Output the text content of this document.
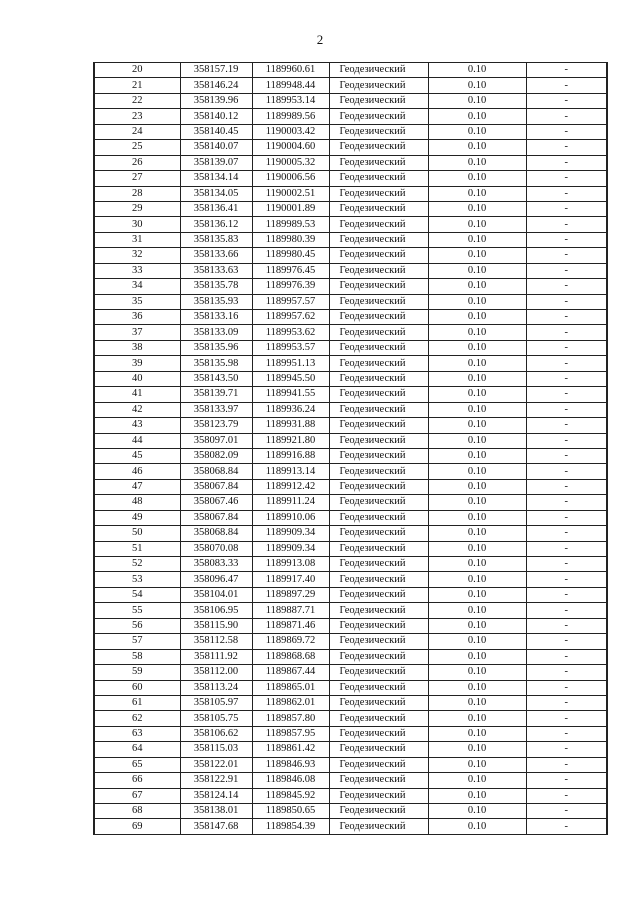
2
20	358157.19	1189960.61	Геодезический	0.10	-
21	358146.24	1189948.44	Геодезический	0.10	-
22	358139.96	1189953.14	Геодезический	0.10	-
23	358140.12	1189989.56	Геодезический	0.10	-
24	358140.45	1190003.42	Геодезический	0.10	-
25	358140.07	1190004.60	Геодезический	0.10	-
26	358139.07	1190005.32	Геодезический	0.10	-
27	358134.14	1190006.56	Геодезический	0.10	-
28	358134.05	1190002.51	Геодезический	0.10	-
29	358136.41	1190001.89	Геодезический	0.10	-
30	358136.12	1189989.53	Геодезический	0.10	-
31	358135.83	1189980.39	Геодезический	0.10	-
32	358133.66	1189980.45	Геодезический	0.10	-
33	358133.63	1189976.45	Геодезический	0.10	-
34	358135.78	1189976.39	Геодезический	0.10	-
35	358135.93	1189957.57	Геодезический	0.10	-
36	358133.16	1189957.62	Геодезический	0.10	-
37	358133.09	1189953.62	Геодезический	0.10	-
38	358135.96	1189953.57	Геодезический	0.10	-
39	358135.98	1189951.13	Геодезический	0.10	-
40	358143.50	1189945.50	Геодезический	0.10	-
41	358139.71	1189941.55	Геодезический	0.10	-
42	358133.97	1189936.24	Геодезический	0.10	-
43	358123.79	1189931.88	Геодезический	0.10	-
44	358097.01	1189921.80	Геодезический	0.10	-
45	358082.09	1189916.88	Геодезический	0.10	-
46	358068.84	1189913.14	Геодезический	0.10	-
47	358067.84	1189912.42	Геодезический	0.10	-
48	358067.46	1189911.24	Геодезический	0.10	-
49	358067.84	1189910.06	Геодезический	0.10	-
50	358068.84	1189909.34	Геодезический	0.10	-
51	358070.08	1189909.34	Геодезический	0.10	-
52	358083.33	1189913.08	Геодезический	0.10	-
53	358096.47	1189917.40	Геодезический	0.10	-
54	358104.01	1189897.29	Геодезический	0.10	-
55	358106.95	1189887.71	Геодезический	0.10	-
56	358115.90	1189871.46	Геодезический	0.10	-
57	358112.58	1189869.72	Геодезический	0.10	-
58	358111.92	1189868.68	Геодезический	0.10	-
59	358112.00	1189867.44	Геодезический	0.10	-
60	358113.24	1189865.01	Геодезический	0.10	-
61	358105.97	1189862.01	Геодезический	0.10	-
62	358105.75	1189857.80	Геодезический	0.10	-
63	358106.62	1189857.95	Геодезический	0.10	-
64	358115.03	1189861.42	Геодезический	0.10	-
65	358122.01	1189846.93	Геодезический	0.10	-
66	358122.91	1189846.08	Геодезический	0.10	-
67	358124.14	1189845.92	Геодезический	0.10	-
68	358138.01	1189850.65	Геодезический	0.10	-
69	358147.68	1189854.39	Геодезический	0.10	-
